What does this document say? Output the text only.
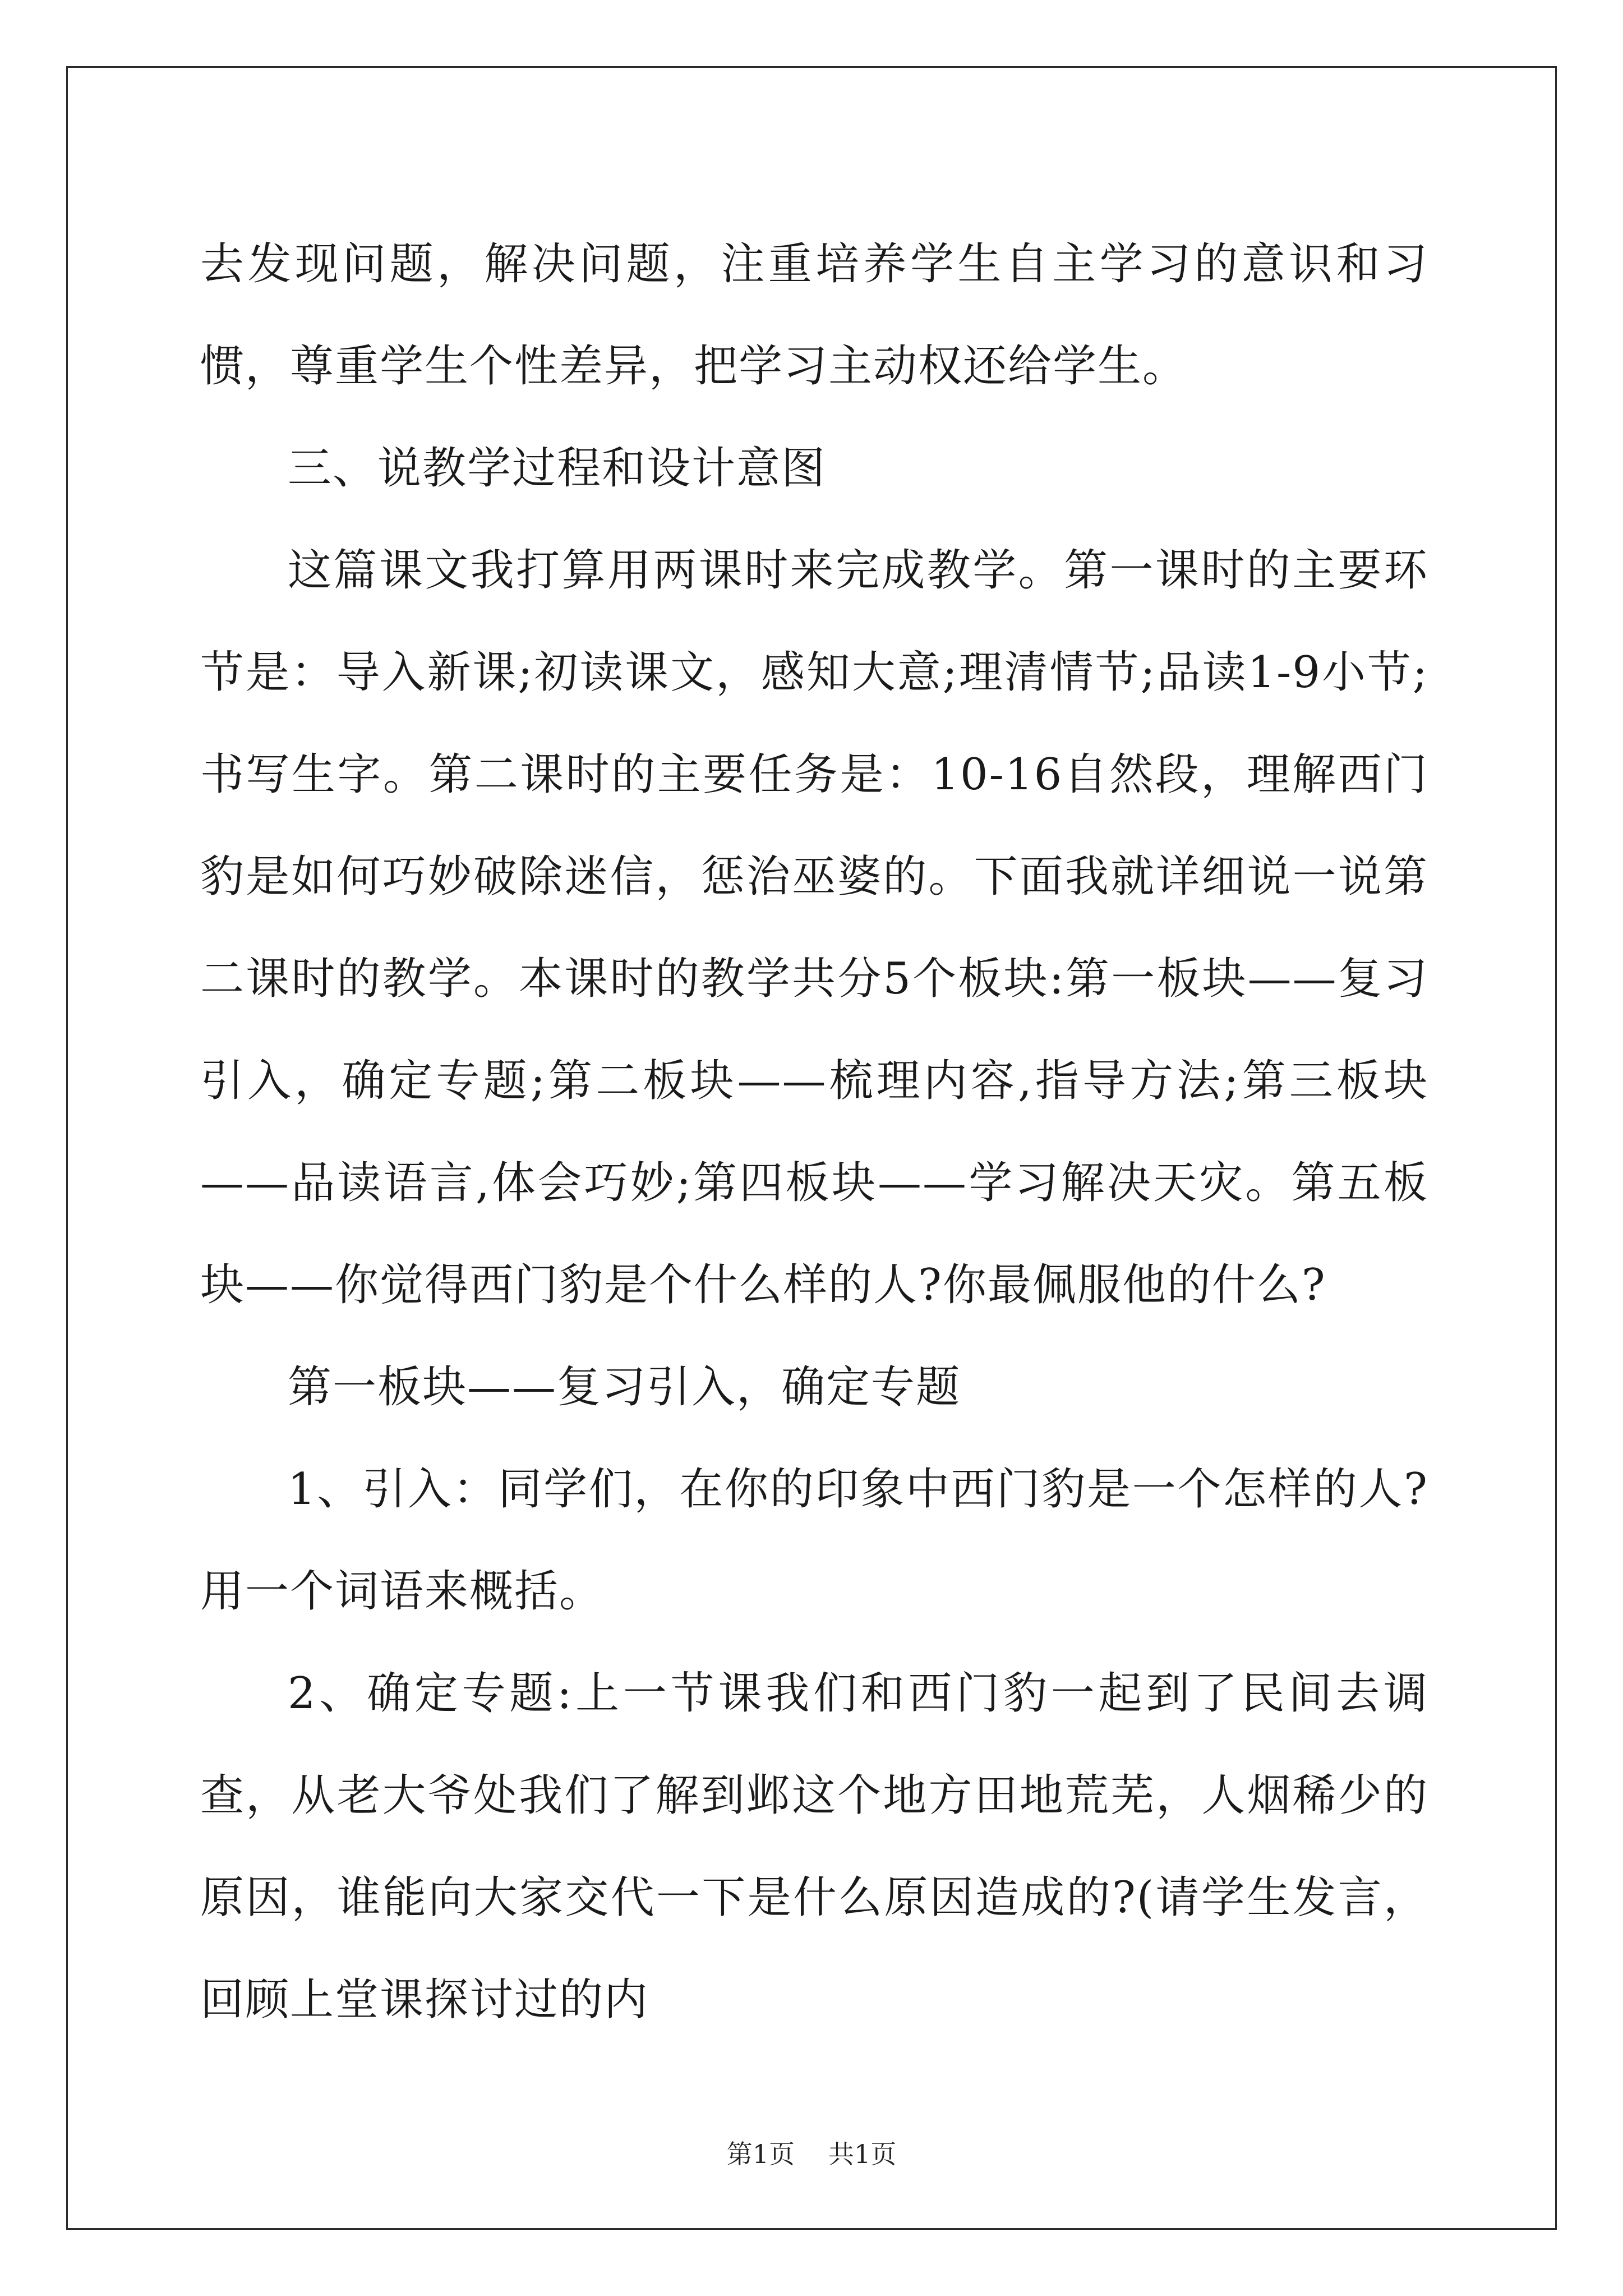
去发现问题，解决问题，注重培养学生自主学习的意识和习惯，尊重学生个性差异，把学习主动权还给学生。

三、说教学过程和设计意图

这篇课文我打算用两课时来完成教学。第一课时的主要环节是：导入新课;初读课文，感知大意;理清情节;品读1-9小节;书写生字。第二课时的主要任务是：10-16自然段，理解西门豹是如何巧妙破除迷信，惩治巫婆的。下面我就详细说一说第二课时的教学。本课时的教学共分5个板块:第一板块——复习引入，确定专题;第二板块——梳理内容,指导方法;第三板块——品读语言,体会巧妙;第四板块——学习解决天灾。第五板块——你觉得西门豹是个什么样的人?你最佩服他的什么?

第一板块——复习引入，确定专题

1、引入：同学们，在你的印象中西门豹是一个怎样的人?用一个词语来概括。

2、确定专题:上一节课我们和西门豹一起到了民间去调查，从老大爷处我们了解到邺这个地方田地荒芜，人烟稀少的原因，谁能向大家交代一下是什么原因造成的?(请学生发言，回顾上堂课探讨过的内

第1页 共1页
